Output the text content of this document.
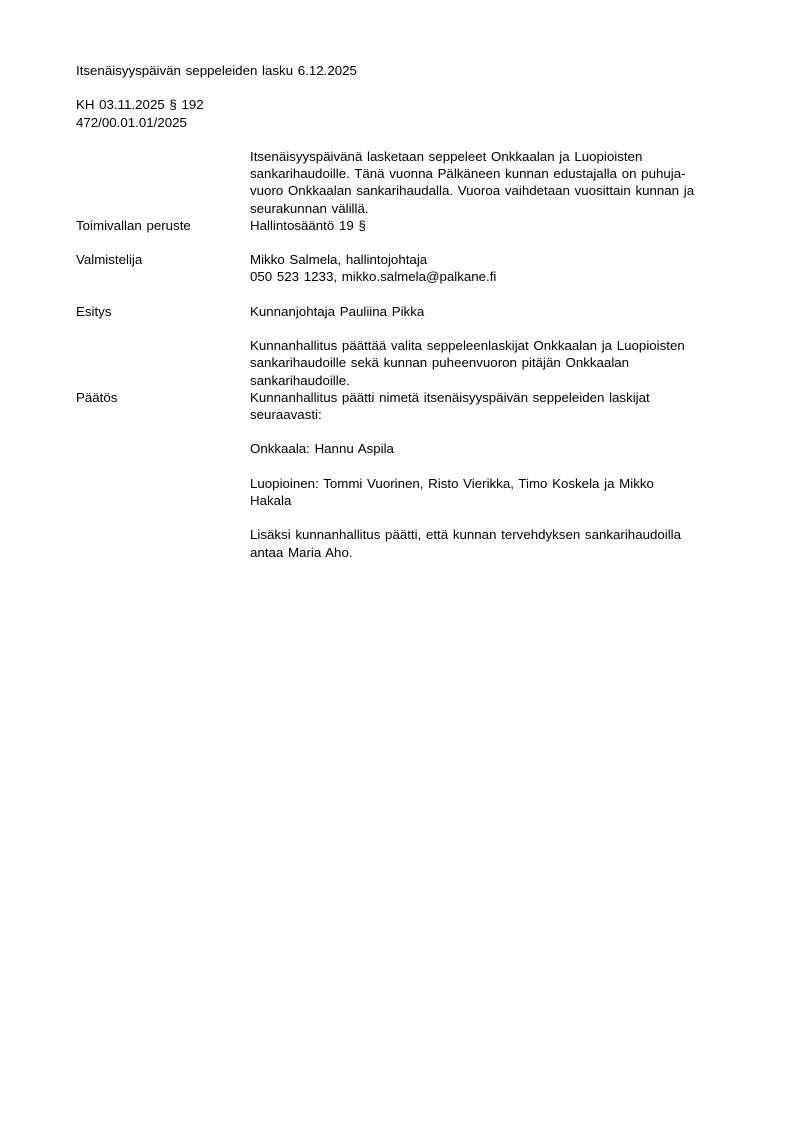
Itsenäisyyspäivän seppeleiden lasku 6.12.2025
KH 03.11.2025 § 192
472/00.01.01/2025
Itsenäisyyspäivänä lasketaan seppeleet Onkkaalan ja Luopioisten
sankarihaudoille. Tänä vuonna Pälkäneen kunnan edustajalla on puhuja-
vuoro Onkkaalan sankarihaudalla. Vuoroa vaihdetaan vuosittain kunnan ja
seurakunnan välillä.
Toimivallan peruste	Hallintosääntö 19 §
Valmistelija	Mikko Salmela, hallintojohtaja
050 523 1233, mikko.salmela@palkane.fi
Esitys	Kunnanjohtaja Pauliina Pikka
Kunnanhallitus päättää valita seppeleenlaskijat Onkkaalan ja Luopioisten
sankarihaudoille sekä kunnan puheenvuoron pitäjän Onkkaalan
sankarihaudoille.
Päätös	Kunnanhallitus päätti nimetä itsenäisyyspäivän seppeleiden laskijat
seuraavasti:
Onkkaala: Hannu Aspila
Luopioinen: Tommi Vuorinen, Risto Vierikka, Timo Koskela ja Mikko
Hakala
Lisäksi kunnanhallitus päätti, että kunnan tervehdyksen sankarihaudoilla
antaa Maria Aho.
